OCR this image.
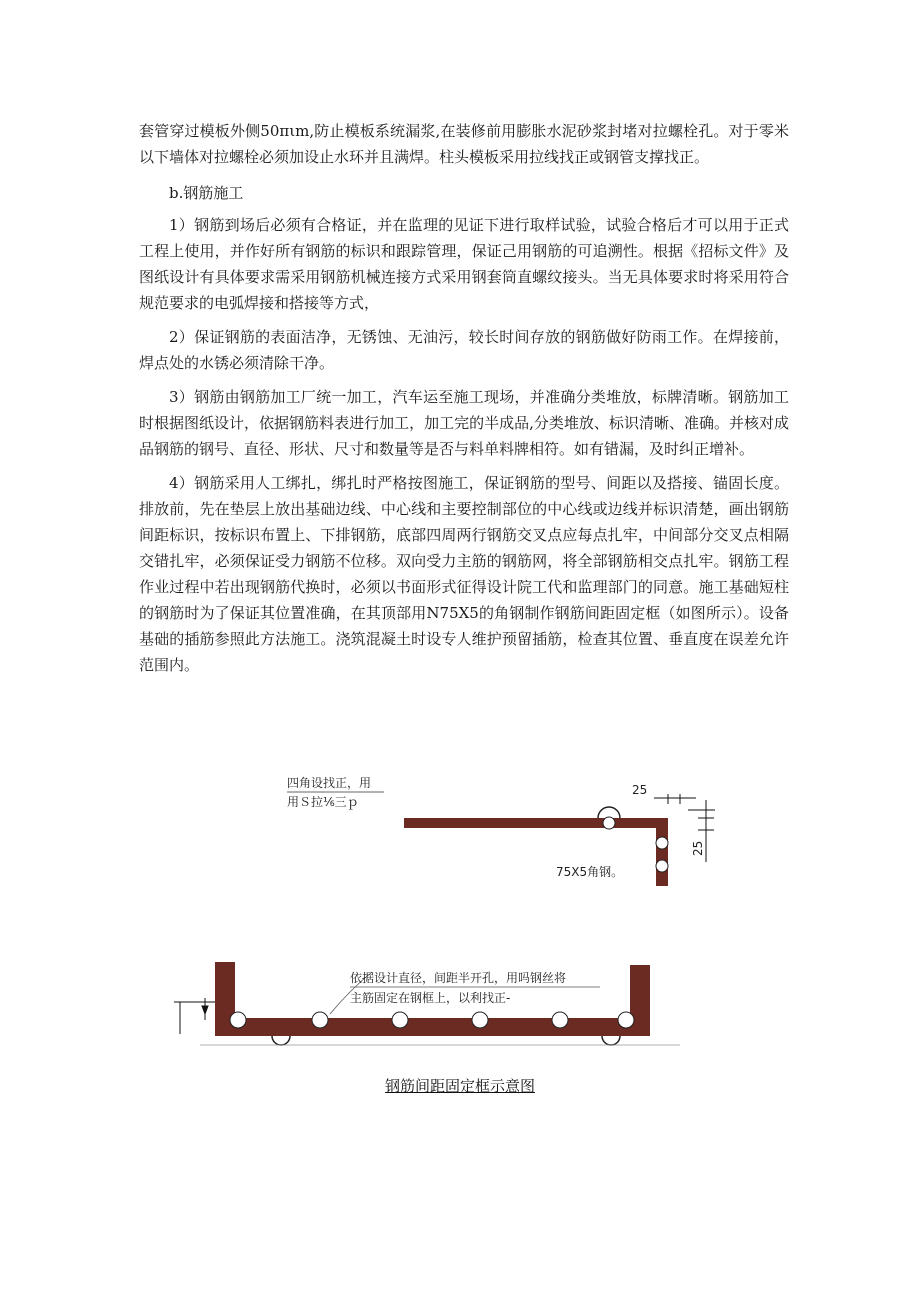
套管穿过模板外侧50πιm,防止模板系统漏浆,在装修前用膨胀水泥砂浆封堵对拉螺栓孔。对于零米以下墙体对拉螺栓必须加设止水环并且满焊。柱头模板采用拉线找正或钢管支撑找正。

b.钢筋施工

1）钢筋到场后必须有合格证，并在监理的见证下进行取样试验，试验合格后才可以用于正式工程上使用，并作好所有钢筋的标识和跟踪管理，保证己用钢筋的可追溯性。根据《招标文件》及图纸设计有具体要求需采用钢筋机械连接方式采用钢套筒直螺纹接头。当无具体要求时将采用符合规范要求的电弧焊接和搭接等方式，

2）保证钢筋的表面洁净，无锈蚀、无油污，较长时间存放的钢筋做好防雨工作。在焊接前，焊点处的水锈必须清除干净。

3）钢筋由钢筋加工厂统一加工，汽车运至施工现场，并准确分类堆放，标牌清晰。钢筋加工时根据图纸设计，依据钢筋料表进行加工，加工完的半成品,分类堆放、标识清晰、准确。并核对成品钢筋的钢号、直径、形状、尺寸和数量等是否与料单料牌相符。如有错漏，及时纠正增补。

4）钢筋采用人工绑扎，绑扎时严格按图施工，保证钢筋的型号、间距以及搭接、锚固长度。排放前，先在垫层上放出基础边线、中心线和主要控制部位的中心线或边线并标识清楚，画出钢筋间距标识，按标识布置上、下排钢筋，底部四周两行钢筋交叉点应每点扎牢，中间部分交叉点相隔交错扎牢，必须保证受力钢筋不位移。双向受力主筋的钢筋网，将全部钢筋相交点扎牢。钢筋工程作业过程中若出现钢筋代换时，必须以书面形式征得设计院工代和监理部门的同意。施工基础短柱的钢筋时为了保证其位置准确，在其顶部用N75X5的角钢制作钢筋间距固定框（如图所示）。设备基础的插筋参照此方法施工。浇筑混凝土时设专人维护预留插筋，检查其位置、垂直度在误差允许范围内。

25
25
四角设找正，用
用Ｓ拉⅙三ｐ
75X5角钢。
依据设计直径，间距半开孔，用吗钢丝将
主筋固定在钢框上，以利找正-
钢筋间距固定框示意图
